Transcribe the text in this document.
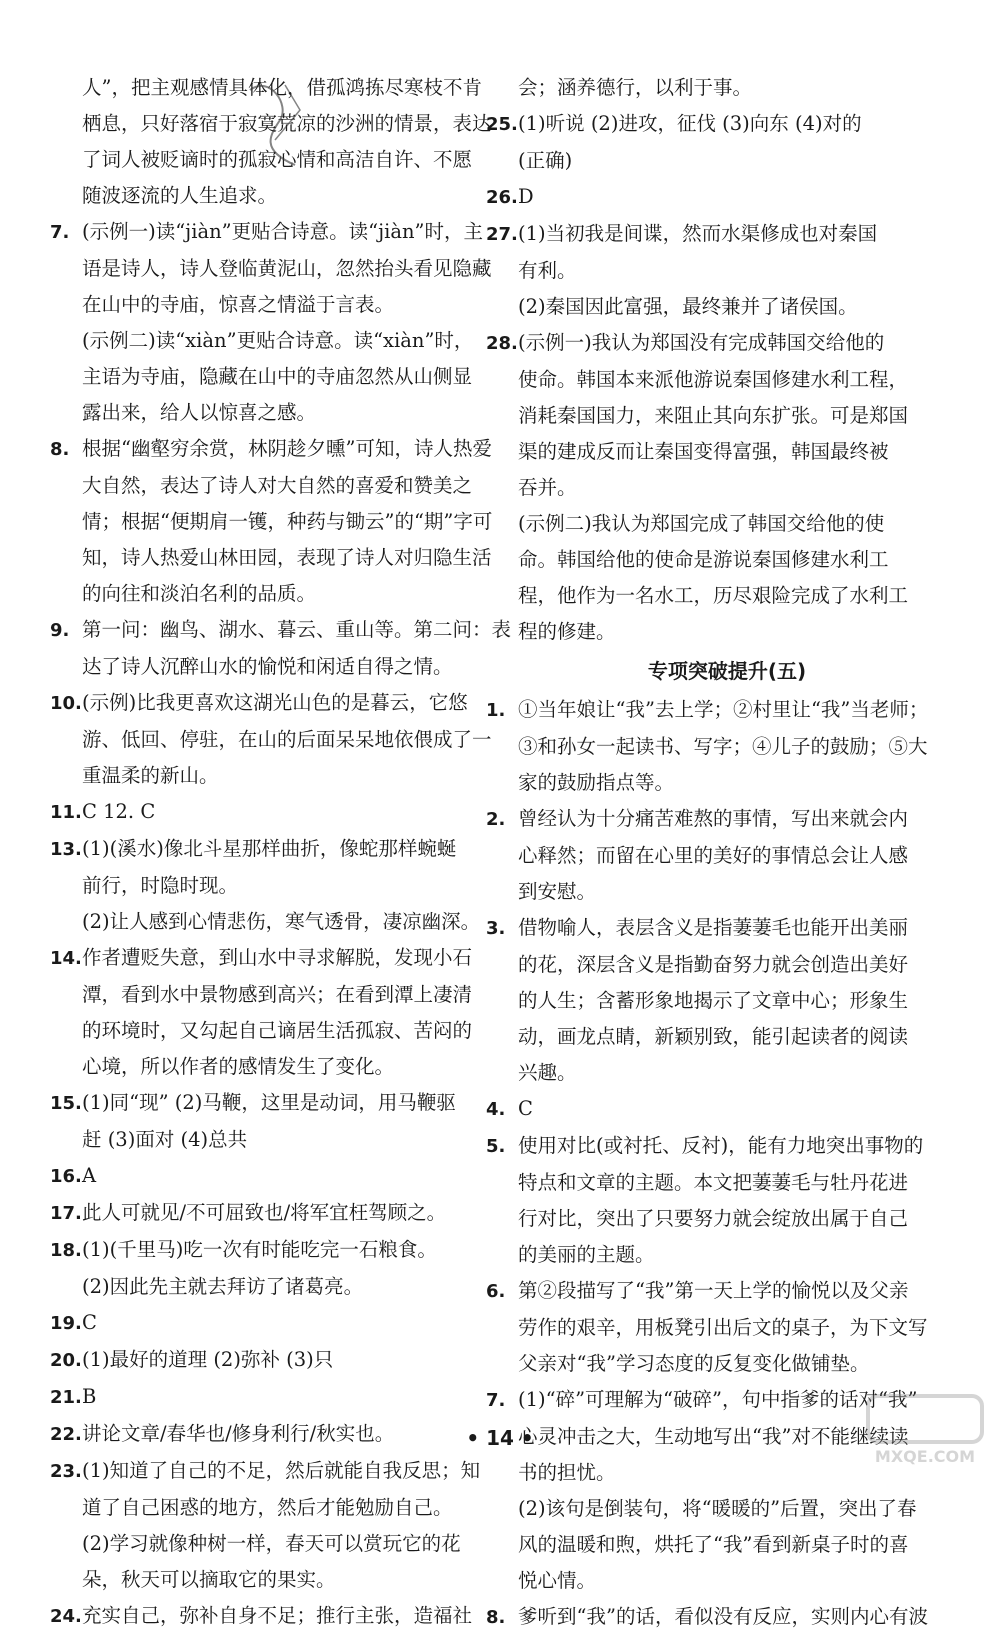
人”，把主观感情具体化，借孤鸿拣尽寒枝不肯
栖息，只好落宿于寂寞荒凉的沙洲的情景，表达
了词人被贬谪时的孤寂心情和高洁自许、不愿
随波逐流的人生追求。
7. (示例一)读“jiàn”更贴合诗意。读“jiàn”时，主
语是诗人，诗人登临黄泥山，忽然抬头看见隐藏
在山中的寺庙，惊喜之情溢于言表。
(示例二)读“xiàn”更贴合诗意。读“xiàn”时，
主语为寺庙，隐藏在山中的寺庙忽然从山侧显
露出来，给人以惊喜之感。
8. 根据“幽壑穷余赏，林阴趁夕曛”可知，诗人热爱
大自然，表达了诗人对大自然的喜爱和赞美之
情；根据“便期肩一镬，种药与锄云”的“期”字可
知，诗人热爱山林田园，表现了诗人对归隐生活
的向往和淡泊名利的品质。
9. 第一问：幽鸟、湖水、暮云、重山等。第二问：表
达了诗人沉醉山水的愉悦和闲适自得之情。
10.(示例)比我更喜欢这湖光山色的是暮云，它悠
游、低回、停驻，在山的后面呆呆地依偎成了一
重温柔的新山。
11.C 12. C
13.(1)(溪水)像北斗星那样曲折，像蛇那样蜿蜒
前行，时隐时现。
(2)让人感到心情悲伤，寒气透骨，凄凉幽深。
14.作者遭贬失意，到山水中寻求解脱，发现小石
潭，看到水中景物感到高兴；在看到潭上凄清
的环境时，又勾起自己谪居生活孤寂、苦闷的
心境，所以作者的感情发生了变化。
15.(1)同“现” (2)马鞭，这里是动词，用马鞭驱
赶 (3)面对 (4)总共
16.A
17.此人可就见/不可屈致也/将军宜枉驾顾之。
18.(1)(千里马)吃一次有时能吃完一石粮食。
(2)因此先主就去拜访了诸葛亮。
19.C
20.(1)最好的道理 (2)弥补 (3)只
21.B
22.讲论文章/春华也/修身利行/秋实也。
23.(1)知道了自己的不足，然后就能自我反思；知
道了自己困惑的地方，然后才能勉励自己。
(2)学习就像种树一样，春天可以赏玩它的花
朵，秋天可以摘取它的果实。
24.充实自己，弥补自身不足；推行主张，造福社
会；涵养德行，以利于事。
25.(1)听说 (2)进攻，征伐 (3)向东 (4)对的
(正确)
26.D
27.(1)当初我是间谍，然而水渠修成也对秦国
有利。
(2)秦国因此富强，最终兼并了诸侯国。
28.(示例一)我认为郑国没有完成韩国交给他的
使命。韩国本来派他游说秦国修建水利工程，
消耗秦国国力，来阻止其向东扩张。可是郑国
渠的建成反而让秦国变得富强，韩国最终被
吞并。
(示例二)我认为郑国完成了韩国交给他的使
命。韩国给他的使命是游说秦国修建水利工
程，他作为一名水工，历尽艰险完成了水利工
程的修建。
专项突破提升(五)
1. ①当年娘让“我”去上学；②村里让“我”当老师；
③和孙女一起读书、写字；④儿子的鼓励；⑤大
家的鼓励指点等。
2. 曾经认为十分痛苦难熬的事情，写出来就会内
心释然；而留在心里的美好的事情总会让人感
到安慰。
3. 借物喻人，表层含义是指萋萋毛也能开出美丽
的花，深层含义是指勤奋努力就会创造出美好
的人生；含蓄形象地揭示了文章中心；形象生
动，画龙点睛，新颖别致，能引起读者的阅读
兴趣。
4. C
5. 使用对比(或衬托、反衬)，能有力地突出事物的
特点和文章的主题。本文把萋萋毛与牡丹花进
行对比，突出了只要努力就会绽放出属于自己
的美丽的主题。
6. 第②段描写了“我”第一天上学的愉悦以及父亲
劳作的艰辛，用板凳引出后文的桌子，为下文写
父亲对“我”学习态度的反复变化做铺垫。
7. (1)“碎”可理解为“破碎”，句中指爹的话对“我”
心灵冲击之大，生动地写出“我”对不能继续读
书的担忧。
(2)该句是倒装句，将“暖暖的”后置，突出了春
风的温暖和煦，烘托了“我”看到新桌子时的喜
悦心情。
8. 爹听到“我”的话，看似没有反应，实则内心有波
• 14 •
MXQE.COM
